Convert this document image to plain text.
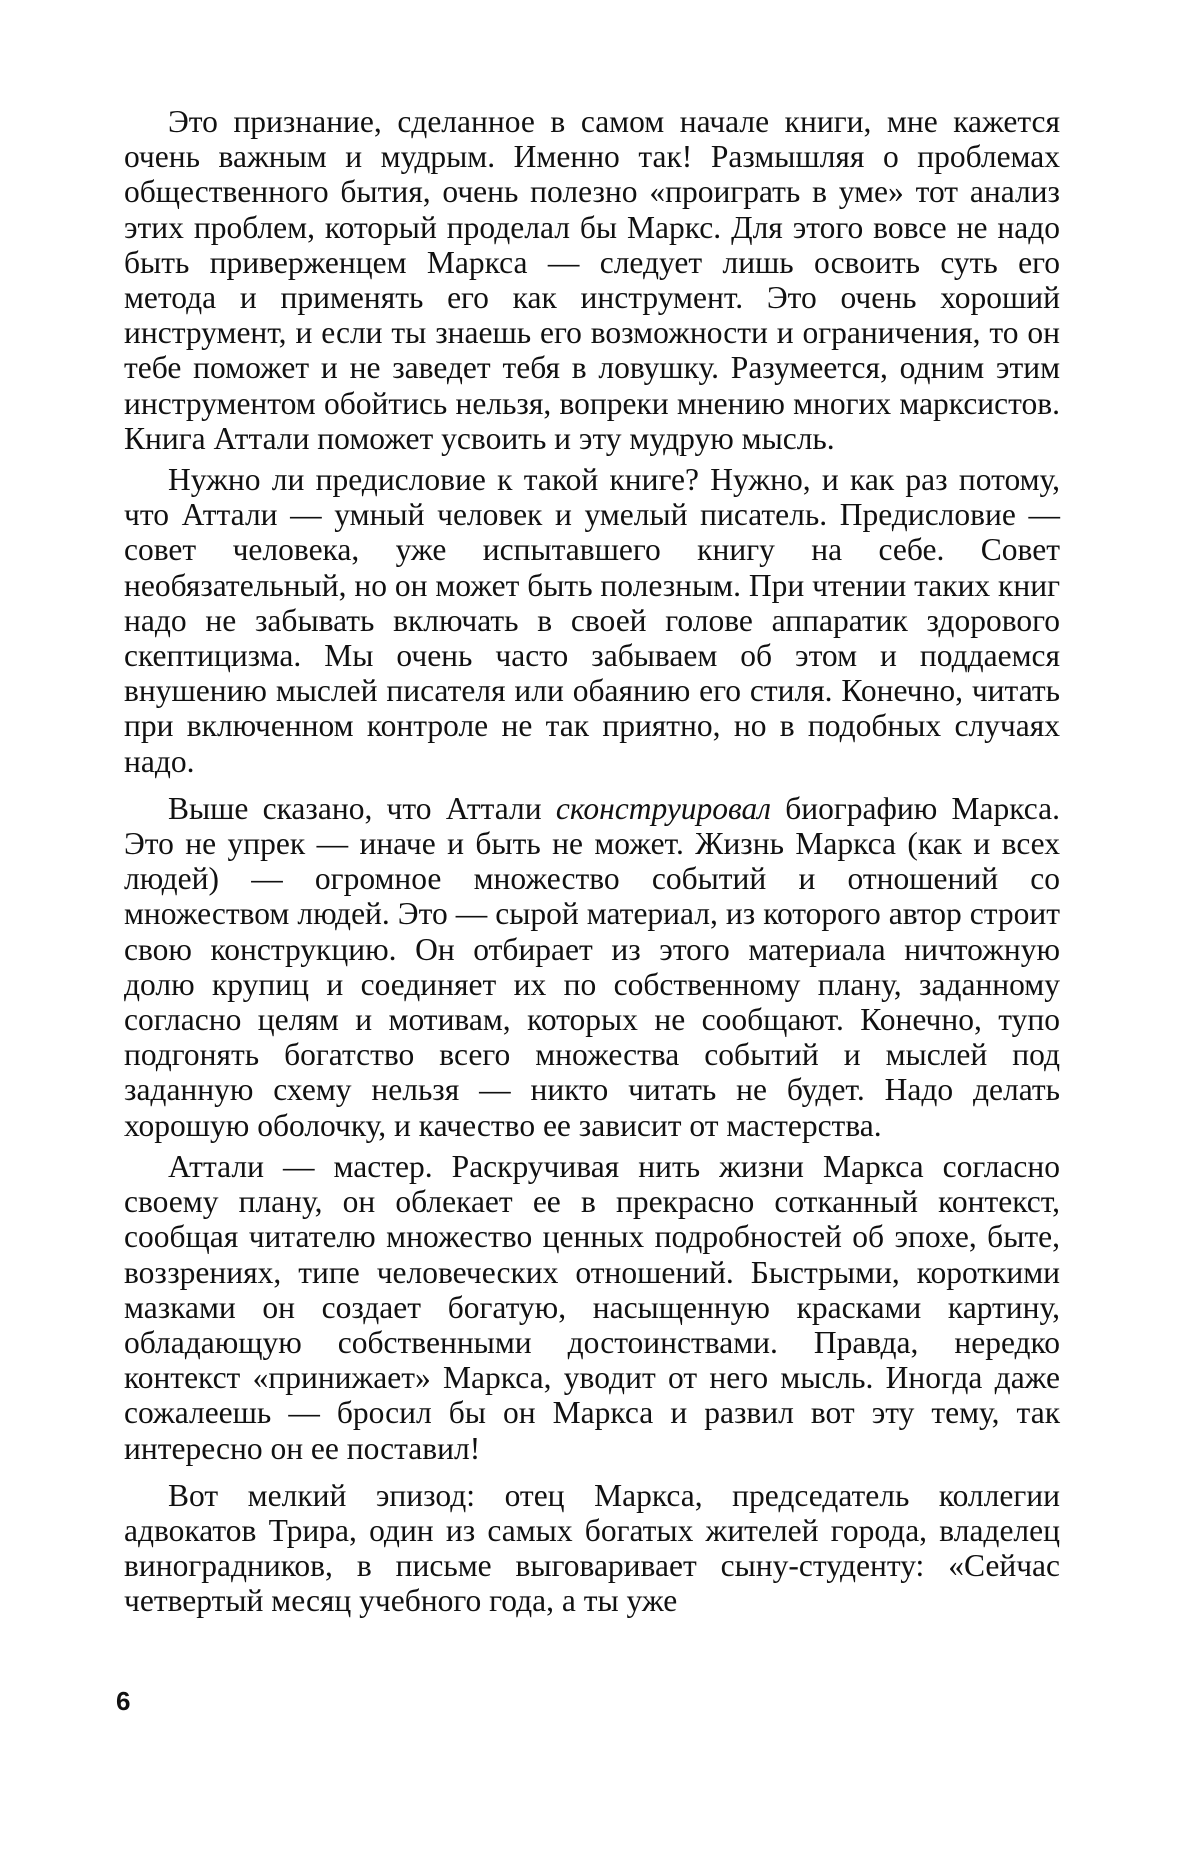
Это признание, сделанное в самом начале книги, мне кажется очень важным и мудрым. Именно так! Размышляя о проблемах общественного бытия, очень полезно «проиграть в уме» тот анализ этих проблем, который проделал бы Маркс. Для этого вовсе не надо быть приверженцем Маркса — следует лишь освоить суть его метода и применять его как инструмент. Это очень хороший инструмент, и если ты знаешь его возможности и ограничения, то он тебе поможет и не заведет тебя в ловушку. Разумеется, одним этим инструментом обойтись нельзя, вопреки мнению многих марксистов. Книга Аттали поможет усвоить и эту мудрую мысль.

Нужно ли предисловие к такой книге? Нужно, и как раз потому, что Аттали — умный человек и умелый писатель. Предисловие — совет человека, уже испытавшего книгу на себе. Совет необязательный, но он может быть полезным. При чтении таких книг надо не забывать включать в своей голове аппаратик здорового скептицизма. Мы очень часто забываем об этом и поддаемся внушению мыслей писателя или обаянию его стиля. Конечно, читать при включенном контроле не так приятно, но в подобных случаях надо.

Выше сказано, что Аттали сконструировал биографию Маркса. Это не упрек — иначе и быть не может. Жизнь Маркса (как и всех людей) — огромное множество событий и отношений со множеством людей. Это — сырой материал, из которого автор строит свою конструкцию. Он отбирает из этого материала ничтожную долю крупиц и соединяет их по собственному плану, заданному согласно целям и мотивам, которых не сообщают. Конечно, тупо подгонять богатство всего множества событий и мыслей под заданную схему нельзя — никто читать не будет. Надо делать хорошую оболочку, и качество ее зависит от мастерства.

Аттали — мастер. Раскручивая нить жизни Маркса согласно своему плану, он облекает ее в прекрасно сотканный контекст, сообщая читателю множество ценных подробностей об эпохе, быте, воззрениях, типе человеческих отношений. Быстрыми, короткими мазками он создает богатую, насыщенную красками картину, обладающую собственными достоинствами. Правда, нередко контекст «принижает» Маркса, уводит от него мысль. Иногда даже сожалеешь — бросил бы он Маркса и развил вот эту тему, так интересно он ее поставил!

Вот мелкий эпизод: отец Маркса, председатель коллегии адвокатов Трира, один из самых богатых жителей города, владелец виноградников, в письме выговаривает сыну-студенту: «Сейчас четвертый месяц учебного года, а ты уже

6
